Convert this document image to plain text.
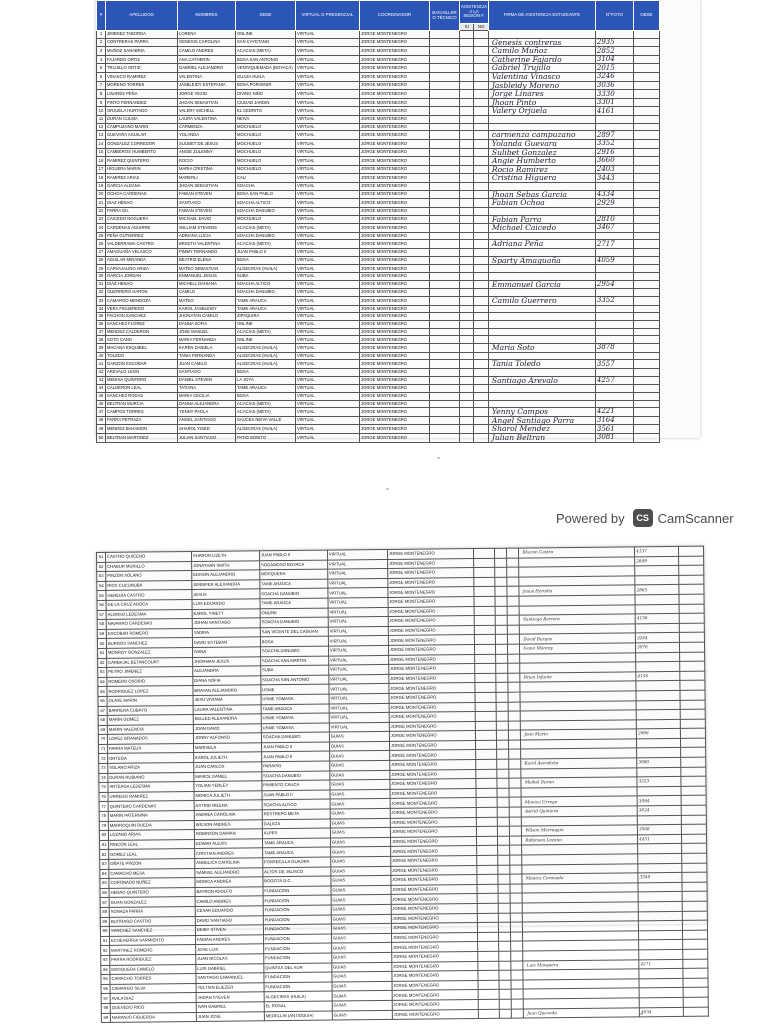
#	APELLIDOS	NOMBRES	SEDE	VIRTUAL O PRESENCIAL	COORDINADOR	BACHILLER O TÉCNICO	ASISTENCIA A LA SESIÓN F.		FIRMA DE ASISTENCIA ESTUDIANTE	N°FOTO	OBSE
							SI	NO			
1	JIMENEZ TABORDA	LORENA	ONLINE	VIRTUAL	JORGE MONTENEGRO						
2	CONTRERAS PARRA	GENESIS CAROLINA	SAN CAYETANO	VIRTUAL	JORGE MONTENEGRO				Genesis contreras	2935	
3	MUÑOZ SANABRIA	CAMILO ANDRES	ACACIAS (META)	VIRTUAL	JORGE MONTENEGRO				Camilo Muñoz	2852	
4	FAJARDO ORTIZ	ANA CATHERIN	BOSA SAN ANTONIO	VIRTUAL	JORGE MONTENEGRO				Catherine Fajardo	3104	
5	TRUJILLO ORTIZ	GABRIEL ALEJANDRO	VENTAQUEMADA (BOYACÁ)	VIRTUAL	JORGE MONTENEGRO				Gabriel Trujillo	2015	
6	VINASCO RAMIREZ	VALENTINA	GUAZA HUILA	VIRTUAL	JORGE MONTENEGRO				Valentina Vinasco	3246	
7	MORENO TORRES	JASBLEIDY ESTEFANIA	BOSA PORVENIR	VIRTUAL	JORGE MONTENEGRO				Jasbleidy Moreno	3036	
8	LINARES PEÑA	JORGE YEZID	DIVINO NIÑO	VIRTUAL	JORGE MONTENEGRO				Jorge Linares	3330	
9	PINTO FERNANDEZ	JHOAN SEBASTIAN	CIUDAD JARDIN	VIRTUAL	JORGE MONTENEGRO				Jhoan Pinto	3301	
10	ORJUELA HURTADO	VALERY MICHELL	EL CEDRITO	VIRTUAL	JORGE MONTENEGRO				Valery Orjuela	4161	
11	DURAN CULMA	LAURA VALENTINA	NEIVA	VIRTUAL	JORGE MONTENEGRO						
12	CAMPUZANO MARIN	CARMENZA	MOCHUELO	VIRTUAL	JORGE MONTENEGRO						
13	GUEVARA AGUILAR	YOLANDA	MOCHUELO	VIRTUAL	JORGE MONTENEGRO				carmenza campuzano	2897	
14	GONZALEZ CORREDOR	SULIBET DE JESUS	MOCHUELO	VIRTUAL	JORGE MONTENEGRO				Yolanda Guevara	3352	
15	CAMBEROS HUMBERTO	ANGIE ZULENNY	MOCHUELO	VIRTUAL	JORGE MONTENEGRO				Sulibet Gonzalez	2916	
16	RAMIREZ QUINTERO	ROCIO	MOCHUELO	VIRTUAL	JORGE MONTENEGRO				Angie Humberto	3660	
17	HIGUERA MARIN	MARIA CRISTINA	MOCHUELO	VIRTUAL	JORGE MONTENEGRO				Rocio Ramirez	2403	
18	RAMIREZ ARIAS	MARERLI	CALI	VIRTUAL	JORGE MONTENEGRO				Cristina Higuera	3443	
19	GARCIA ALDANA	JHOAN SEBASTIAN	SOACHA	VIRTUAL	JORGE MONTENEGRO						
20	OCHOA CARDENAS	FABIAN STEVEN	BOSA SAN PABLO	VIRTUAL	JORGE MONTENEGRO				Jhoan Sebas Garcia	4334	
21	DIAZ HENAO	SANTIAGO	SOACHA ALTICO	VIRTUAL	JORGE MONTENEGRO				Fabian Ochoa	2929	
22	PARRA GIL	FABIAN STEVEN	SOACHA DANUBIO	VIRTUAL	JORGE MONTENEGRO						
23	CAICEDO NOGUERA	MICHAEL DAVID	MOCHUELO	VIRTUAL	JORGE MONTENEGRO				Fabian Parra	2810	
24	CARDENAS AGUIRRE	WILLIAM STEVENS	ACACIAS (META)	VIRTUAL	JORGE MONTENEGRO				Michael Caicedo	3467	
25	PEÑA GUTIERREZ	ADRIANA LUCIA	SOACHA DANUBIO	VIRTUAL	JORGE MONTENEGRO						
26	VALDERRAMA CASTRO	BRIGITH VALENTINA	ACACIAS (META)	VIRTUAL	JORGE MONTENEGRO				Adriana Peña	2717	
27	AMAGUAÑA VELASCO	PIMMY FERNANDO	JUAN PABLO II	VIRTUAL	JORGE MONTENEGRO						
28	AGUILAR MIRANDA	BEATRIZ ELENA	BOSA	VIRTUAL	JORGE MONTENEGRO				Sparty Amaguaña	4059	
29	CARVAJALINO ARIZA	MATEO SEBASTIAN	ALGECIRAS (HUILA)	VIRTUAL	JORGE MONTENEGRO						
30	GARCIA JORDAN	ENMANUEL JESUS	SUBA	VIRTUAL	JORGE MONTENEGRO						
31	DIAZ HENAO	MICHELL DAHIANA	SOACHA ALTICO	VIRTUAL	JORGE MONTENEGRO				Emmanuel Garcia	2954	
32	GUERRERO HARON	CAMILO	SOACHA DANUBIO	VIRTUAL	JORGE MONTENEGRO						
33	CAMARGO MENDOZA	MATEO	TAME ARAUCA	VIRTUAL	JORGE MONTENEGRO				Camilo Guerrero	3352	
34	VERA FIGUEREDO	KAROL JASBLEIDY	TAME ARAUCA	VIRTUAL	JORGE MONTENEGRO						
35	PACHON SANCHEZ	JHONATAN CAMILO	ZIPAQUIRA	VIRTUAL	JORGE MONTENEGRO						
36	SANCHEZ FLOREZ	DANNA SOFIA	ONLINE	VIRTUAL	JORGE MONTENEGRO						
37	MENDEZ CALDERON	JOSE MANUEL	ACACIAS (META)	VIRTUAL	JORGE MONTENEGRO						
38	SOTO CANO	MARIA FERNANDA	ONLINE	VIRTUAL	JORGE MONTENEGRO						
39	MACANA ESQUIBEL	KAREN DANIELA	ALGECIRAS (HUILA)	VIRTUAL	JORGE MONTENEGRO				Maria Soto	3878	
40	TOLEDO	TANIA FERNANDA	ALGECIRAS (HUILA)	VIRTUAL	JORGE MONTENEGRO						
41	GARZON ESCOBAR	JUAN CAMILO	ALGECIRAS (HUILA)	VIRTUAL	JORGE MONTENEGRO				Tania Toledo	3557	
42	AREVALO LEON	SANTIAGO	BOSA	VIRTUAL	JORGE MONTENEGRO						
43	MEDINA QUINTERO	DANIEL STEVEN	LA JOYA	VIRTUAL	JORGE MONTENEGRO				Santiago Arevalo	4257	
44	CALDERON LEAL	TATIANA	TAME ARAUCA	VIRTUAL	JORGE MONTENEGRO						
45	SANCHEZ RODAS	MARIA CECILIA	BOSA	VIRTUAL	JORGE MONTENEGRO						
46	BELTRAN MURCIA	DANNA ALEJANDRA	ACACIAS (META)	VIRTUAL	JORGE MONTENEGRO						
47	CAMPOS TORRES	YENNY PAOLA	ACACIAS (META)	VIRTUAL	JORGE MONTENEGRO				Yenny Campos	4221	
48	PARRA PETRAZA	ANGEL SANTIAGO	SAUCES NEIVA VALLE	VIRTUAL	JORGE MONTENEGRO				Angel Santiago Parra	3164	
49	MENDEZ BAHAMON	SHAROL YISED	ALGECIRAS (HUILA)	VIRTUAL	JORGE MONTENEGRO				Sharol Mendez	3561	
50	BELTRAN MARTINEZ	JULIAN SANTIAGO	PATIO BONITO	VIRTUAL	JORGE MONTENEGRO				Julian Beltran	3081	
Powered by	CS CamScanner
51	CASTRO QUICENO	SHARON LIZETH	JUAN PABLO II	VIRTUAL	JORGE MONTENEGRO				Sharon Castro	4137	
52	CHABUR MURILLO	JONATHAN SMITH	SOGAMOSO BOYACÁ	VIRTUAL	JORGE MONTENEGRO					2849	
53	PINZON SOLANO	EDISON ALEJANDRO	MOSQUERA	VIRTUAL	JORGE MONTENEGRO						
54	RIOS CUCUNUBA	JENNIFER ALEXANDRA	TAME ARAUCA	VIRTUAL	JORGE MONTENEGRO						
55	HEREDIA CASTRO	JESUS	SOACHA DANUBIO	VIRTUAL	JORGE MONTENEGRO				Jesus Heredia	2863	
56	DE LA CRUZ AROCA	LUIS EDUARDO	TAME ARAUCA	VIRTUAL	JORGE MONTENEGRO						
57	ALONSO LEDESMA	KAROL YINETT	ONLINE	VIRTUAL	JORGE MONTENEGRO						
58	NAVARRO CARDENAS	JOHAN SANTIAGO	SOACHA DANUBIO	VIRTUAL	JORGE MONTENEGRO				Santiago Barrero	4156	
59	ESCOBAR ROMERO	YADIRA	SAN VICENTE DEL CAGUAN	VIRTUAL	JORGE MONTENEGRO						
60	BURGOS SANCHEZ	DAVID ESTEBAN	BOSA	VIRTUAL	JORGE MONTENEGRO				David Burgos	3264	
61	MONROY GONZALEZ	IVANA	SOACHA DANUBIO	VIRTUAL	JORGE MONTENEGRO				Ivana Monroy	3976	
62	CARBAJAL BETANCOURT	JHORMAN JESUS	SOACHA SAN MARTIN	VIRTUAL	JORGE MONTENEGRO						
63	PETRO JIMENEZ	ALEJANDRA	SUBA	VIRTUAL	JORGE MONTENEGRO						
64	ROMERO OSORIO	DIANA SOFIA	SOACHA SAN ANTONIO	VIRTUAL	JORGE MONTENEGRO				Brian Infante	4156	
65	RODRIGUEZ LOPEZ	BRAYAN ALEJANDRO	USME	VIRTUAL	JORGE MONTENEGRO						
66	OLAVE MARIN	JESU VIVIANA	USME YOMASA	VIRTUAL	JORGE MONTENEGRO						
67	BARRERA CUBAYO	LAURA VALENTINA	TAME ARAUCA	VIRTUAL	JORGE MONTENEGRO						
68	MARIN GOMEZ	KELLED ALEXANDRA	USME YOMASA	VIRTUAL	JORGE MONTENEGRO						
69	MARIN VALENCIA	JOAN DAVID	USME YOMASA	VIRTUAL	JORGE MONTENEGRO						
70	LOPEZ GRANADOS	JONNY ALFONSO	SOACHA DANUBIO	GUIAS	JORGE MONTENEGRO				Joan Marin	2986	
71	PARRA MATEUS	MARISELA	JUAN PABLO II	GUIAS	JORGE MONTENEGRO						
72	ORTEGA	KAROL JULIETH	JUAN PABLO II	GUIAS	JORGE MONTENEGRO						
73	SOLANO ARIZA	JUAN CARLOS	PARAISO	GUIAS	JORGE MONTENEGRO				Karol Avendaño	3900	
74	DURAN RUBIANO	MAIKOL DANIEL	SOACHA DANUBIO	GUIAS	JORGE MONTENEGRO						
75	ARTEAGA LEDESMA	YOLIAN YERLEY	PIMIENTO CAUCA	GUIAS	JORGE MONTENEGRO				Maikol Duran	3223	
76	URREGO RAMIREZ	MONICA JULIETH	JUAN PABLO II	GUIAS	JORGE MONTENEGRO						
77	QUINTERO CARDENAS	ASTRID MILENA	SOACHA ALTICO	GUIAS	JORGE MONTENEGRO				Monica Urrego	3094	
78	MARIN PATERNINA	ANDREA CAROLINA	RESTREPO META	GUIAS	JORGE MONTENEGRO				Astrid Quintero	3624	
79	MARROQUIN RUEDA	WILSON ANDRES	GALICIA	GUIAS	JORGE MONTENEGRO						
80	LOZANO ARIAS	ROBINSON DAMIAN	ALPES	GUIAS	JORGE MONTENEGRO				Wilson Marroquin	3568	
81	RINCON LEAL	EDWAR ALEXIS	TAME ARAUCA	GUIAS	JORGE MONTENEGRO				Robinson Lozano	4451	
82	GOMEZ LEAL	CRISTIAN ANDRES	TAME ARAUCA	GUIAS	JORGE MONTENEGRO						
83	OÑATE PINZON	ANGELICA CAROLINA	FONSECA LA GUAJIRA	GUIAS	JORGE MONTENEGRO						
84	CAMACHO MESA	SAMUEL ALEJANDRO	ALTOS DE JALISCO	GUIAS	JORGE MONTENEGRO						
85	CORONADO NUÑEZ	MONICA ANDREA	BOGOTÁ D.C.	GUIAS	JORGE MONTENEGRO				Monica Coronado	3340	
86	HENAO QUINTERO	BAYRON ADOLFO	FUNDACION	GUIAS	JORGE MONTENEGRO						
87	GUAN GONZALEZ	CAMILO ANDRES	FUNDACION	GUIAS	JORGE MONTENEGRO						
88	SONAZA PARRA	CESAR EDUARDO	FUNDACION	GUIAS	JORGE MONTENEGRO						
89	BUITRAGO CASTRO	DAVID SANTIAGO	FUNDACION	GUIAS	JORGE MONTENEGRO						
90	SANCHEZ SANCHEZ	DEIBY STIVEN	FUNDACION	GUIAS	JORGE MONTENEGRO						
91	ECHEVERRIA SARMIENTO	FABIAN ANDRES	FUNDACION	GUIAS	JORGE MONTENEGRO						
92	MARTINEZ ROMERO	JOSE LUIS	FUNDACION	GUIAS	JORGE MONTENEGRO						
93	PARRA RODRIGUEZ	JUAN NICOLAS	FUNDACION	GUIAS	JORGE MONTENEGRO						
94	MOSQUERA CAMELO	LUIS GABRIEL	QUINTAS DEL SUR	GUIAS	JORGE MONTENEGRO				Luis Mosquera	4271	
95	CAMACHO TORRES	SANTIAGO ENMANUEL	FUNDACION	GUIAS	JORGE MONTENEGRO						
96	CAMARGO SILVA	YELTSIN ELIEZER	FUNDACION	GUIAS	JORGE MONTENEGRO						
97	AVILA DIAZ	JHOAN STEVEN	ALGECIRAS (HUILA)	GUIAS	JORGE MONTENEGRO						
98	QUEVEDO RICO	IVAN GABRIEL	EL ROSAL	GUIAS	JORGE MONTENEGRO						
99	NARANJO FIGUEROA	JUAN JOSE	MEDELLIN (ANTIOQUIA)	GUIAS	JORGE MONTENEGRO				Juan Quevedo	4034	
